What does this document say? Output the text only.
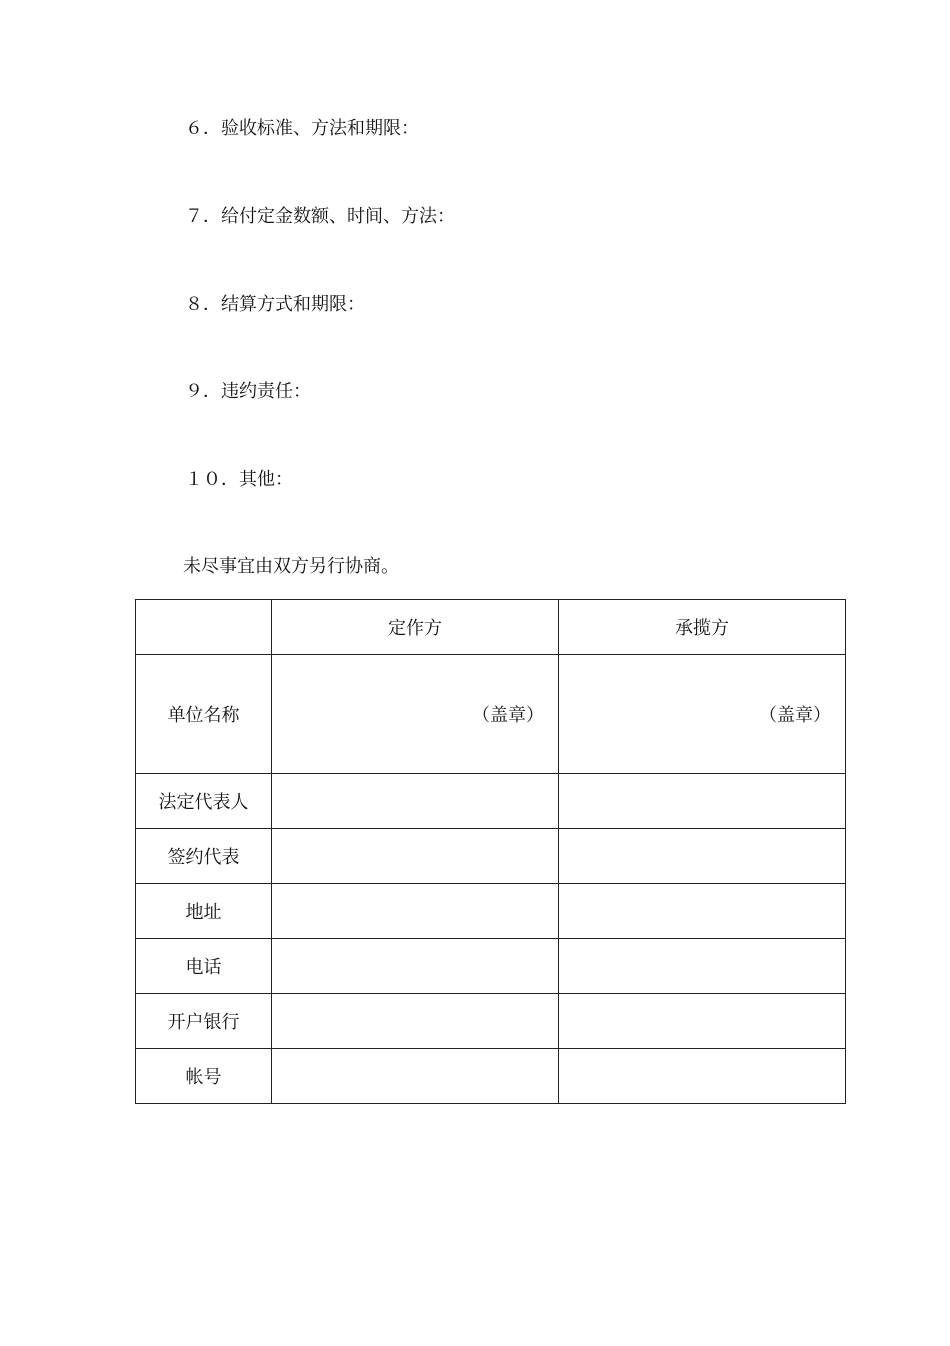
６．验收标准、方法和期限：
７．给付定金数额、时间、方法：
８．结算方式和期限：
９．违约责任：
１０．其他：
未尽事宜由双方另行协商。
	定作方	承揽方
单位名称	（盖章）	（盖章）
法定代表人		
签约代表		
地址		
电话		
开户银行		
帐号		
